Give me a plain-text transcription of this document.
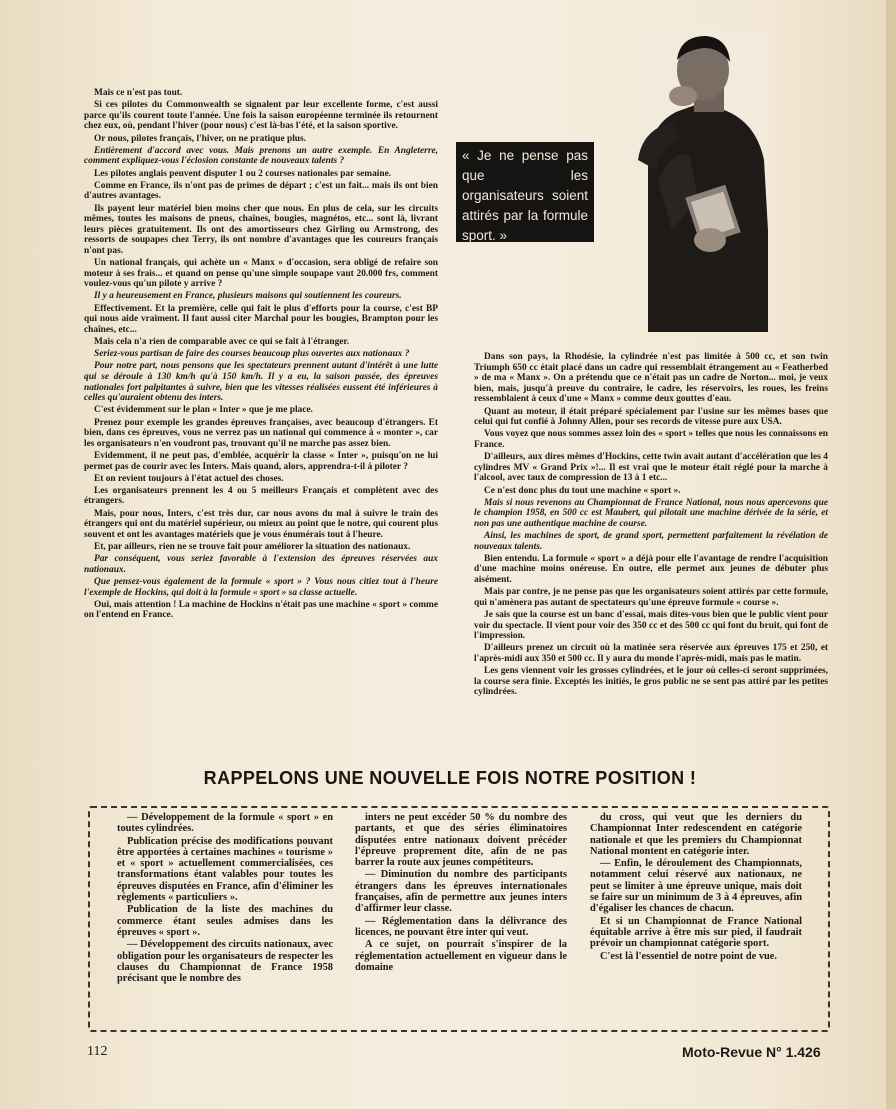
Mais ce n'est pas tout.

Si ces pilotes du Commonwealth se signalent par leur excellente forme, c'est aussi parce qu'ils courent toute l'année. Une fois la saison européenne terminée ils retournent chez eux, où, pendant l'hiver (pour nous) c'est là-bas l'été, et la saison sportive.

Or nous, pilotes français, l'hiver, on ne pratique plus.

Entièrement d'accord avec vous. Mais prenons un autre exemple. En Angleterre, comment expliquez-vous l'éclosion constante de nouveaux talents ?

Les pilotes anglais peuvent disputer 1 ou 2 courses nationales par semaine.

Comme en France, ils n'ont pas de primes de départ ; c'est un fait... mais ils ont bien d'autres avantages.

Ils payent leur matériel bien moins cher que nous. En plus de cela, sur les circuits mêmes, toutes les maisons de pneus, chaînes, bougies, magnétos, etc... sont là, livrant leurs pièces gratuitement. Ils ont des amortisseurs chez Girling ou Armstrong, des ressorts de soupapes chez Terry, ils ont nombre d'avantages que les coureurs français n'ont pas.

Un national français, qui achète un « Manx » d'occasion, sera obligé de refaire son moteur à ses frais... et quand on pense qu'une simple soupape vaut 20.000 frs, comment voulez-vous qu'un pilote y arrive ?

Il y a heureusement en France, plusieurs maisons qui soutiennent les coureurs.

Effectivement. Et la première, celle qui fait le plus d'efforts pour la course, c'est BP qui nous aide vraiment. Il faut aussi citer Marchal pour les bougies, Brampton pour les chaînes, etc...

Mais cela n'a rien de comparable avec ce qui se fait à l'étranger.

Seriez-vous partisan de faire des courses beaucoup plus ouvertes aux nationaux ?

Pour notre part, nous pensons que les spectateurs prennent autant d'intérêt à une lutte qui se déroule à 130 km/h qu'à 150 km/h. Il y a eu, la saison passée, des épreuves nationales fort palpitantes à suivre, bien que les vitesses réalisées eussent été inférieures à celles qu'auraient obtenu des inters.

C'est évidemment sur le plan « Inter » que je me place.

Prenez pour exemple les grandes épreuves françaises, avec beaucoup d'étrangers. Et bien, dans ces épreuves, vous ne verrez pas un national qui commence à « monter », car les organisateurs n'en voudront pas, trouvant qu'il ne marche pas assez bien.

Evidemment, il ne peut pas, d'emblée, acquérir la classe « Inter », puisqu'on ne lui permet pas de courir avec les Inters. Mais quand, alors, apprendra-t-il à piloter ?

Et on revient toujours à l'état actuel des choses.

Les organisateurs prennent les 4 ou 5 meilleurs Français et complètent avec des étrangers.

Mais, pour nous, Inters, c'est très dur, car nous avons du mal à suivre le train des étrangers qui ont du matériel supérieur, ou mieux au point que le notre, qui courent plus souvent et ont les avantages matériels que je vous énumérais tout à l'heure.

Et, par ailleurs, rien ne se trouve fait pour améliorer la situation des nationaux.

Par conséquent, vous seriez favorable à l'extension des épreuves réservées aux nationaux.

Que pensez-vous également de la formule « sport » ? Vous nous citiez tout à l'heure l'exemple de Hockins, qui doit à la formule « sport » sa classe actuelle.

Oui, mais attention ! La machine de Hockins n'était pas une machine « sport » comme on l'entend en France.

« Je ne pense pas que les organisateurs soient attirés par la formule sport. »

Dans son pays, la Rhodésie, la cylindrée n'est pas limitée à 500 cc, et son twin Triumph 650 cc était placé dans un cadre qui ressemblait étrangement au « Featherbed » de ma « Manx ». On a prétendu que ce n'était pas un cadre de Norton... moi, je veux bien, mais, jusqu'à preuve du contraire, le cadre, les réservoirs, les roues, les freins ressemblaient à ceux d'une « Manx » comme deux gouttes d'eau.

Quant au moteur, il était préparé spécialement par l'usine sur les mêmes bases que celui qui fut confié à Johnny Allen, pour ses records de vitesse pure aux USA.

Vous voyez que nous sommes assez loin des « sport » telles que nous les connaissons en France.

D'ailleurs, aux dires mêmes d'Hockins, cette twin avait autant d'accélération que les 4 cylindres MV « Grand Prix »!... Il est vrai que le moteur était réglé pour la marche à l'alcool, avec taux de compression de 13 à 1 etc...

Ce n'est donc plus du tout une machine « sport ».

Mais si nous revenons au Championnat de France National, nous nous apercevons que le champion 1958, en 500 cc est Maubert, qui pilotait une machine dérivée de la série, et non pas une authentique machine de course.

Ainsi, les machines de sport, de grand sport, permettent parfaitement la révélation de nouveaux talents.

Bien entendu. La formule « sport » a déjà pour elle l'avantage de rendre l'acquisition d'une machine moins onéreuse. En outre, elle permet aux jeunes de débuter plus aisément.

Mais par contre, je ne pense pas que les organisateurs soient attirés par cette formule, qui n'amènera pas autant de spectateurs qu'une épreuve formule « course ».

Je sais que la course est un banc d'essai, mais dites-vous bien que le public vient pour voir du spectacle. Il vient pour voir des 350 cc et des 500 cc qui font du bruit, qui font de l'impression.

D'ailleurs prenez un circuit où la matinée sera réservée aux épreuves 175 et 250, et l'après-midi aux 350 et 500 cc. Il y aura du monde l'après-midi, mais pas le matin.

Les gens viennent voir les grosses cylindrées, et le jour où celles-ci seront supprimées, la course sera finie. Exceptés les initiés, le gros public ne se sent pas attiré par les petites cylindrées.

RAPPELONS UNE NOUVELLE FOIS NOTRE POSITION !

— Développement de la formule « sport » en toutes cylindrées.

Publication précise des modifications pouvant être apportées à certaines machines « tourisme » et « sport » actuellement commercialisées, ces transformations étant valables pour toutes les épreuves disputées en France, afin d'éliminer les règlements « particuliers ».

Publication de la liste des machines du commerce étant seules admises dans les épreuves « sport ».

— Développement des circuits nationaux, avec obligation pour les organisateurs de respecter les clauses du Championnat de France 1958 précisant que le nombre des

inters ne peut excéder 50 % du nombre des partants, et que des séries éliminatoires disputées entre nationaux doivent précéder l'épreuve proprement dite, afin de ne pas barrer la route aux jeunes compétiteurs.

— Diminution du nombre des participants étrangers dans les épreuves internationales françaises, afin de permettre aux jeunes inters d'affirmer leur classe.

— Réglementation dans la délivrance des licences, ne pouvant être inter qui veut.

A ce sujet, on pourrait s'inspirer de la réglementation actuellement en vigueur dans le domaine

du cross, qui veut que les derniers du Championnat Inter redescendent en catégorie nationale et que les premiers du Championnat National montent en catégorie inter.

— Enfin, le déroulement des Championnats, notamment celui réservé aux nationaux, ne peut se limiter à une épreuve unique, mais doit se faire sur un minimum de 3 à 4 épreuves, afin d'égaliser les chances de chacun.

Et si un Championnat de France National équitable arrive à être mis sur pied, il faudrait prévoir un championnat catégorie sport.

C'est là l'essentiel de notre point de vue.

112	Moto-Revue N° 1.426
